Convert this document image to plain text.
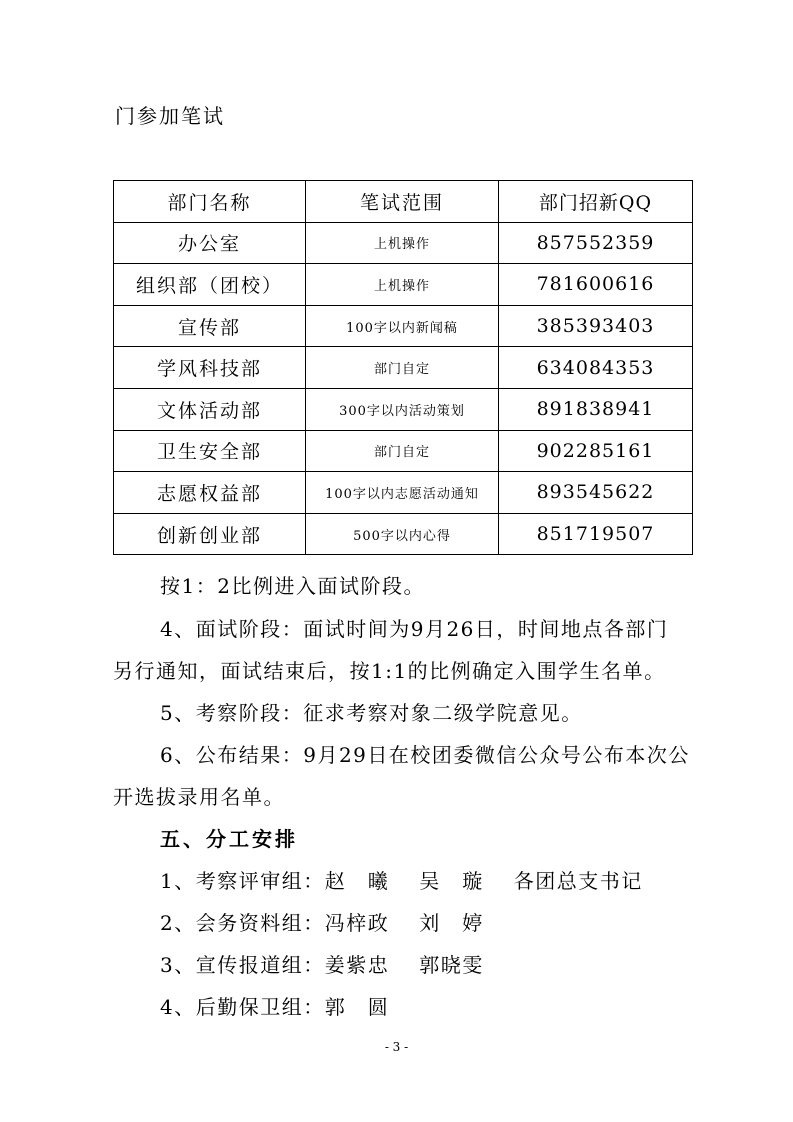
门参加笔试
部门名称	笔试范围	部门招新QQ
办公室	上机操作	857552359
组织部（团校）	上机操作	781600616
宣传部	100字以内新闻稿	385393403
学风科技部	部门自定	634084353
文体活动部	300字以内活动策划	891838941
卫生安全部	部门自定	902285161
志愿权益部	100字以内志愿活动通知	893545622
创新创业部	500字以内心得	851719507
按1：2比例进入面试阶段。
4、面试阶段：面试时间为9月26日，时间地点各部门
另行通知，面试结束后，按1:1的比例确定入围学生名单。
5、考察阶段：征求考察对象二级学院意见。
6、公布结果：9月29日在校团委微信公众号公布本次公
开选拔录用名单。
五、分工安排
1、考察评审组：赵　曦 吴　璇 各团总支书记
2、会务资料组：冯梓政 刘　婷
3、宣传报道组：姜紫忠 郭晓雯
4、后勤保卫组：郭　圆
- 3 -
